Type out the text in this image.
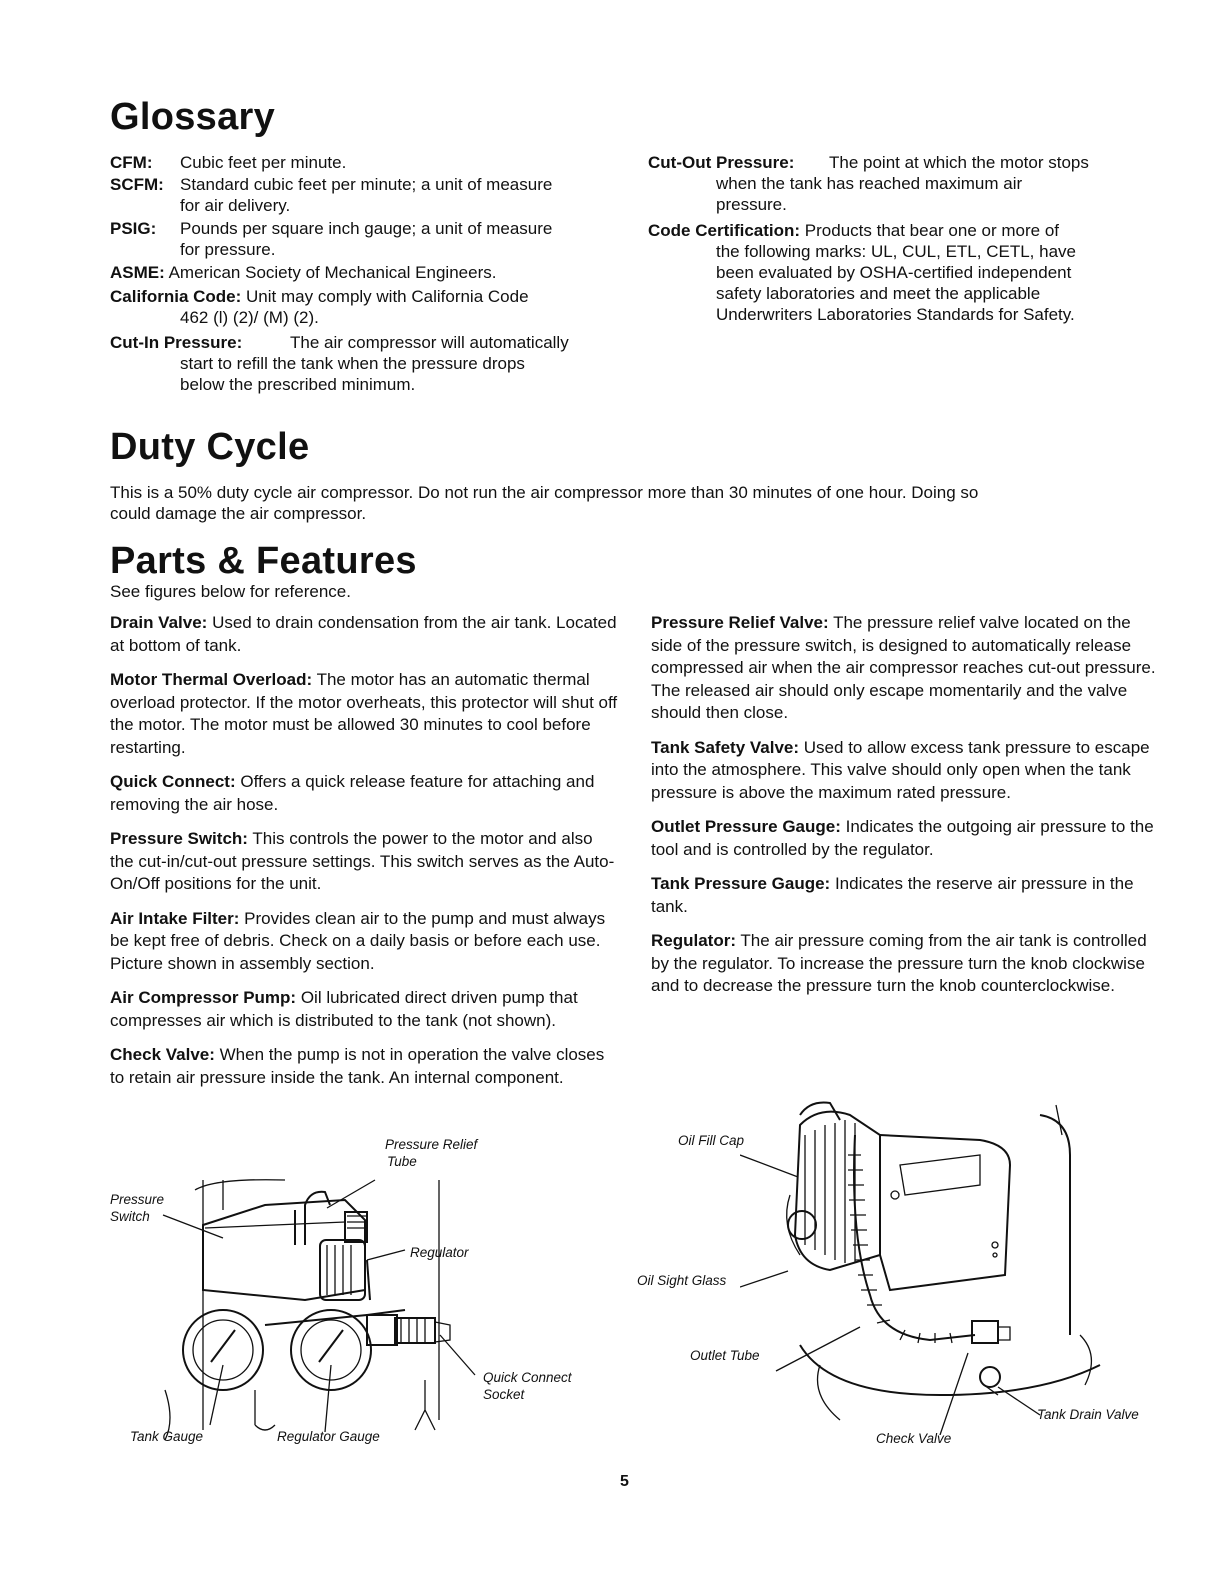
Glossary
CFM: Cubic feet per minute.
SCFM: Standard cubic feet per minute; a unit of measure
for air delivery.
PSIG: Pounds per square inch gauge; a unit of measure
for pressure.
ASME: American Society of Mechanical Engineers.
California Code: Unit may comply with California Code
462 (l) (2)/ (M) (2).
Cut-In Pressure:	The air compressor will automatically
start to refill the tank when the pressure drops
below the prescribed minimum.
Cut-Out Pressure: The point at which the motor stops
when the tank has reached maximum air
pressure.
Code Certification: Products that bear one or more of
the following marks: UL, CUL, ETL, CETL, have
been evaluated by OSHA-certified independent
safety laboratories and meet the applicable
Underwriters Laboratories Standards for Safety.
Duty Cycle
This is a 50% duty cycle air compressor. Do not run the air compressor more than 30 minutes of one hour. Doing so
could damage the air compressor.
Parts & Features
See figures below for reference.

Drain Valve: Used to drain condensation from the air tank. Located at bottom of tank.

Motor Thermal Overload: The motor has an automatic thermal overload protector. If the motor overheats, this protector will shut off the motor. The motor must be allowed 30 minutes to cool before restarting.

Quick Connect: Offers a quick release feature for attaching and removing the air hose.

Pressure Switch: This controls the power to the motor and also the cut-in/cut-out pressure settings. This switch serves as the Auto-On/Off positions for the unit.

Air Intake Filter: Provides clean air to the pump and must always be kept free of debris. Check on a daily basis or before each use. Picture shown in assembly section.

Air Compressor Pump: Oil lubricated direct driven pump that compresses air which is distributed to the tank (not shown).

Check Valve: When the pump is not in operation the valve closes to retain air pressure inside the tank. An internal component.

Pressure Relief Valve: The pressure relief valve located on the side of the pressure switch, is designed to automatically release compressed air when the air compressor reaches cut-out pressure. The released air should only escape momentarily and the valve should then close.

Tank Safety Valve: Used to allow excess tank pressure to escape into the atmosphere. This valve should only open when the tank pressure is above the maximum rated pressure.

Outlet Pressure Gauge: Indicates the outgoing air pressure to the tool and is controlled by the regulator.

Tank Pressure Gauge: Indicates the reserve air pressure in the tank.

Regulator: The air pressure coming from the air tank is controlled by the regulator. To increase the pressure turn the knob clockwise and to decrease the pressure turn the knob counterclockwise.

Pressure Relief
Tube
Pressure
Switch
Regulator
Quick Connect
Socket
Tank Gauge	Regulator Gauge
Oil Fill Cap
Oil Sight Glass
Outlet Tube
Tank Drain Valve
Check Valve
5
